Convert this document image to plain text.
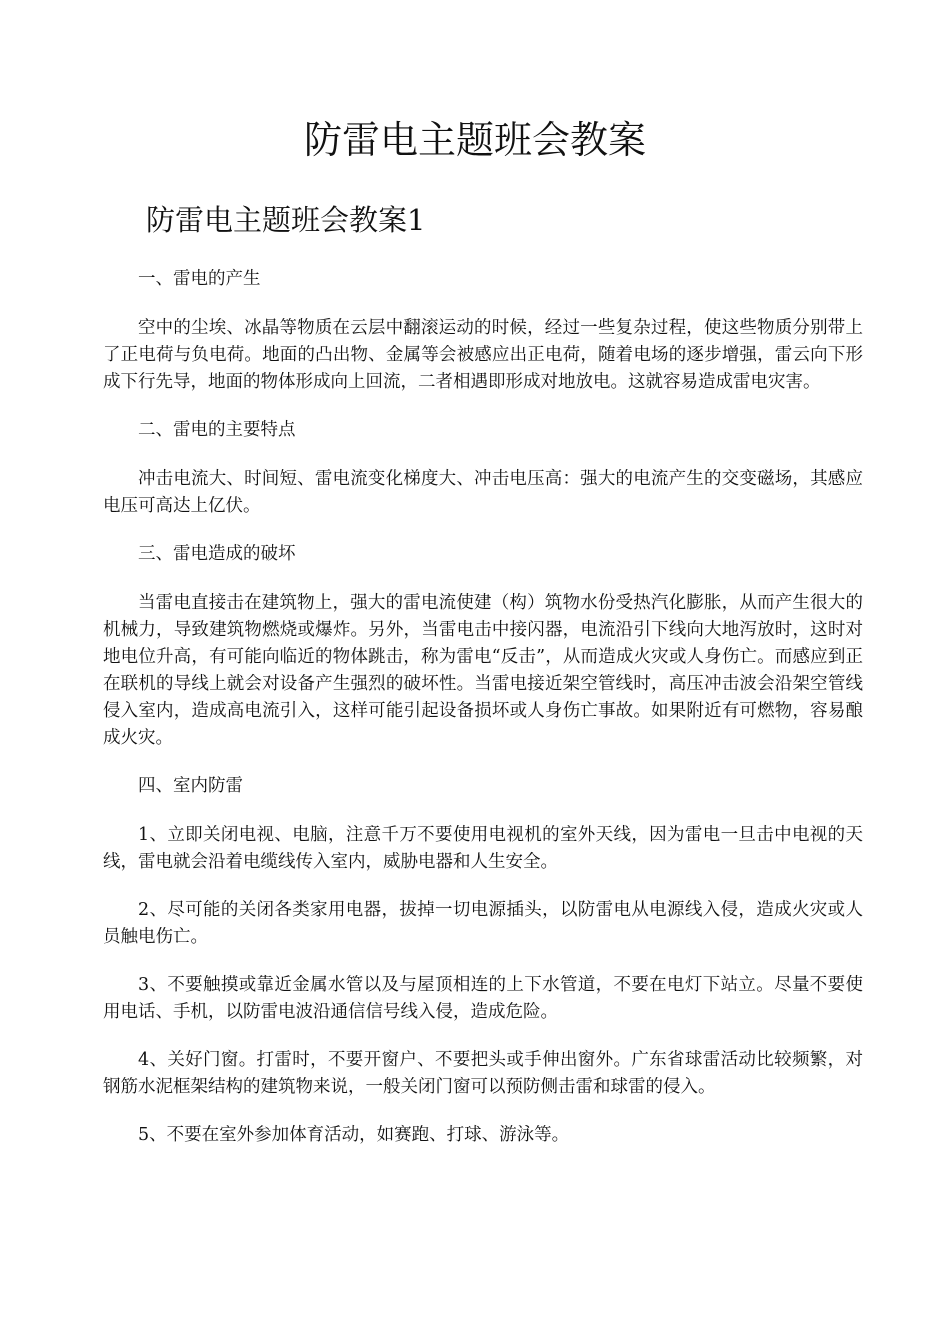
防雷电主题班会教案
防雷电主题班会教案1

一、雷电的产生

空中的尘埃、冰晶等物质在云层中翻滚运动的时候，经过一些复杂过程，使这些物质分别带上了正电荷与负电荷。地面的凸出物、金属等会被感应出正电荷，随着电场的逐步增强，雷云向下形成下行先导，地面的物体形成向上回流，二者相遇即形成对地放电。这就容易造成雷电灾害。

二、雷电的主要特点

冲击电流大、时间短、雷电流变化梯度大、冲击电压高：强大的电流产生的交变磁场，其感应电压可高达上亿伏。

三、雷电造成的破坏

当雷电直接击在建筑物上，强大的雷电流使建（构）筑物水份受热汽化膨胀，从而产生很大的机械力，导致建筑物燃烧或爆炸。另外，当雷电击中接闪器，电流沿引下线向大地泻放时，这时对地电位升高，有可能向临近的物体跳击，称为雷电“反击”，从而造成火灾或人身伤亡。而感应到正在联机的导线上就会对设备产生强烈的破坏性。当雷电接近架空管线时，高压冲击波会沿架空管线侵入室内，造成高电流引入，这样可能引起设备损坏或人身伤亡事故。如果附近有可燃物，容易酿成火灾。

四、室内防雷

1、立即关闭电视、电脑，注意千万不要使用电视机的室外天线，因为雷电一旦击中电视的天线，雷电就会沿着电缆线传入室内，威胁电器和人生安全。

2、尽可能的关闭各类家用电器，拔掉一切电源插头，以防雷电从电源线入侵，造成火灾或人员触电伤亡。

3、不要触摸或靠近金属水管以及与屋顶相连的上下水管道，不要在电灯下站立。尽量不要使用电话、手机，以防雷电波沿通信信号线入侵，造成危险。

4、关好门窗。打雷时，不要开窗户、不要把头或手伸出窗外。广东省球雷活动比较频繁，对钢筋水泥框架结构的建筑物来说，一般关闭门窗可以预防侧击雷和球雷的侵入。

5、不要在室外参加体育活动，如赛跑、打球、游泳等。
